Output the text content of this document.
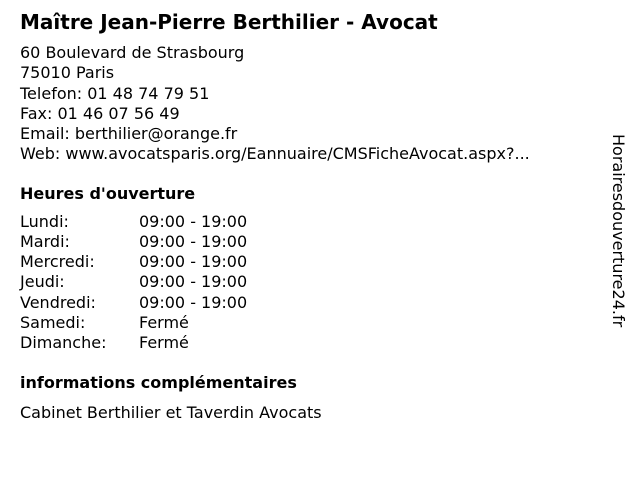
Maître Jean-Pierre Berthilier - Avocat
60 Boulevard de Strasbourg
75010 Paris
Telefon: 01 48 74 79 51
Fax: 01 46 07 56 49
Email: berthilier@orange.fr
Web: www.avocatsparis.org/Eannuaire/CMSFicheAvocat.aspx?...
Heures d'ouverture
Lundi:	09:00 - 19:00
Mardi:	09:00 - 19:00
Mercredi:	09:00 - 19:00
Jeudi:	09:00 - 19:00
Vendredi:	09:00 - 19:00
Samedi:	Fermé
Dimanche:	Fermé
informations complémentaires
Cabinet Berthilier et Taverdin Avocats
Horairesdouverture24.fr
